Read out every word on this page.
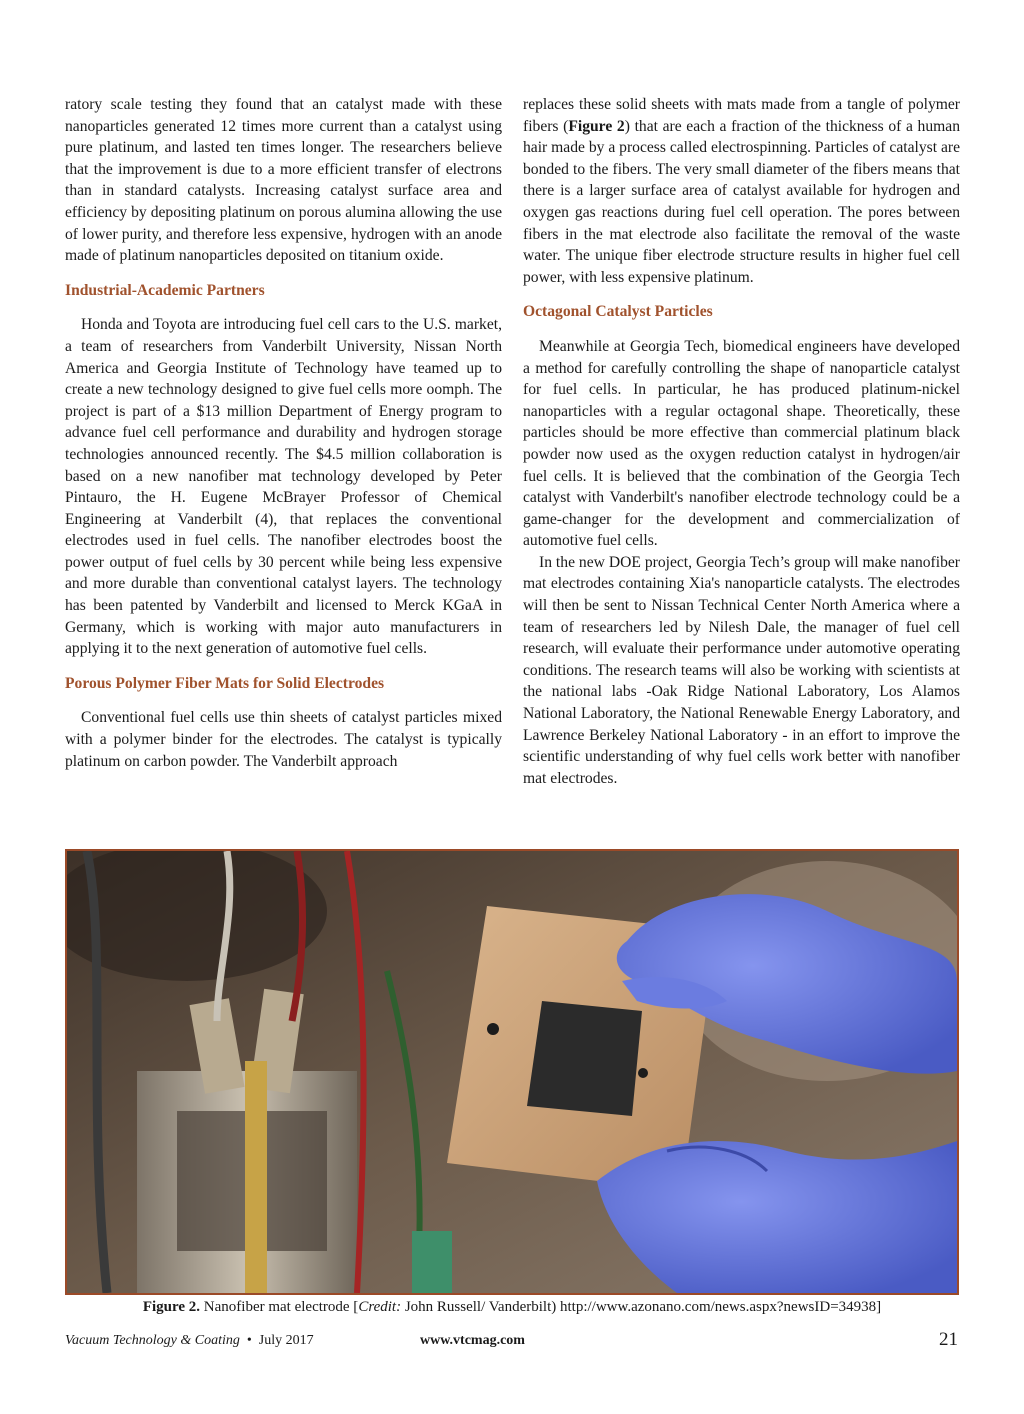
ratory scale testing they found that an catalyst made with these nanoparticles generated 12 times more current than a catalyst using pure platinum, and lasted ten times longer. The researchers believe that the improvement is due to a more efficient transfer of electrons than in standard catalysts. Increasing catalyst surface area and efficiency by depositing platinum on porous alumina allowing the use of lower purity, and therefore less expensive, hydrogen with an anode made of platinum nanoparticles deposited on titanium oxide.

Industrial-Academic Partners

Honda and Toyota are introducing fuel cell cars to the U.S. market, a team of researchers from Vanderbilt University, Nissan North America and Georgia Institute of Technology have teamed up to create a new technology designed to give fuel cells more oomph. The project is part of a $13 million Department of Energy program to advance fuel cell performance and durability and hydrogen storage technologies announced recently. The $4.5 million collaboration is based on a new nanofiber mat technology developed by Peter Pintauro, the H. Eugene McBrayer Professor of Chemical Engineering at Vanderbilt (4), that replaces the conventional electrodes used in fuel cells. The nanofiber electrodes boost the power output of fuel cells by 30 percent while being less expensive and more durable than conventional catalyst layers. The technology has been patented by Vanderbilt and licensed to Merck KGaA in Germany, which is working with major auto manufacturers in applying it to the next generation of automotive fuel cells.

Porous Polymer Fiber Mats for Solid Electrodes

Conventional fuel cells use thin sheets of catalyst particles mixed with a polymer binder for the electrodes. The catalyst is typically platinum on carbon powder. The Vanderbilt approach

replaces these solid sheets with mats made from a tangle of polymer fibers (Figure 2) that are each a fraction of the thickness of a human hair made by a process called electrospinning. Particles of catalyst are bonded to the fibers. The very small diameter of the fibers means that there is a larger surface area of catalyst available for hydrogen and oxygen gas reactions during fuel cell operation. The pores between fibers in the mat electrode also facilitate the removal of the waste water. The unique fiber electrode structure results in higher fuel cell power, with less expensive platinum.

Octagonal Catalyst Particles

Meanwhile at Georgia Tech, biomedical engineers have developed a method for carefully controlling the shape of nanoparticle catalyst for fuel cells. In particular, he has produced platinum-nickel nanoparticles with a regular octagonal shape. Theoretically, these particles should be more effective than commercial platinum black powder now used as the oxygen reduction catalyst in hydrogen/air fuel cells. It is believed that the combination of the Georgia Tech catalyst with Vanderbilt's nanofiber electrode technology could be a game-changer for the development and commercialization of automotive fuel cells.

In the new DOE project, Georgia Tech’s group will make nanofiber mat electrodes containing Xia's nanoparticle catalysts. The electrodes will then be sent to Nissan Technical Center North America where a team of researchers led by Nilesh Dale, the manager of fuel cell research, will evaluate their performance under automotive operating conditions. The research teams will also be working with scientists at the national labs -Oak Ridge National Laboratory, Los Alamos National Laboratory, the National Renewable Energy Laboratory, and Lawrence Berkeley National Laboratory - in an effort to improve the scientific understanding of why fuel cells work better with nanofiber mat electrodes.

Figure 2. Nanofiber mat electrode [Credit: John Russell/ Vanderbilt) http://www.azonano.com/news.aspx?newsID=34938]
Vacuum Technology & Coating • July 2017	www.vtcmag.com	21
